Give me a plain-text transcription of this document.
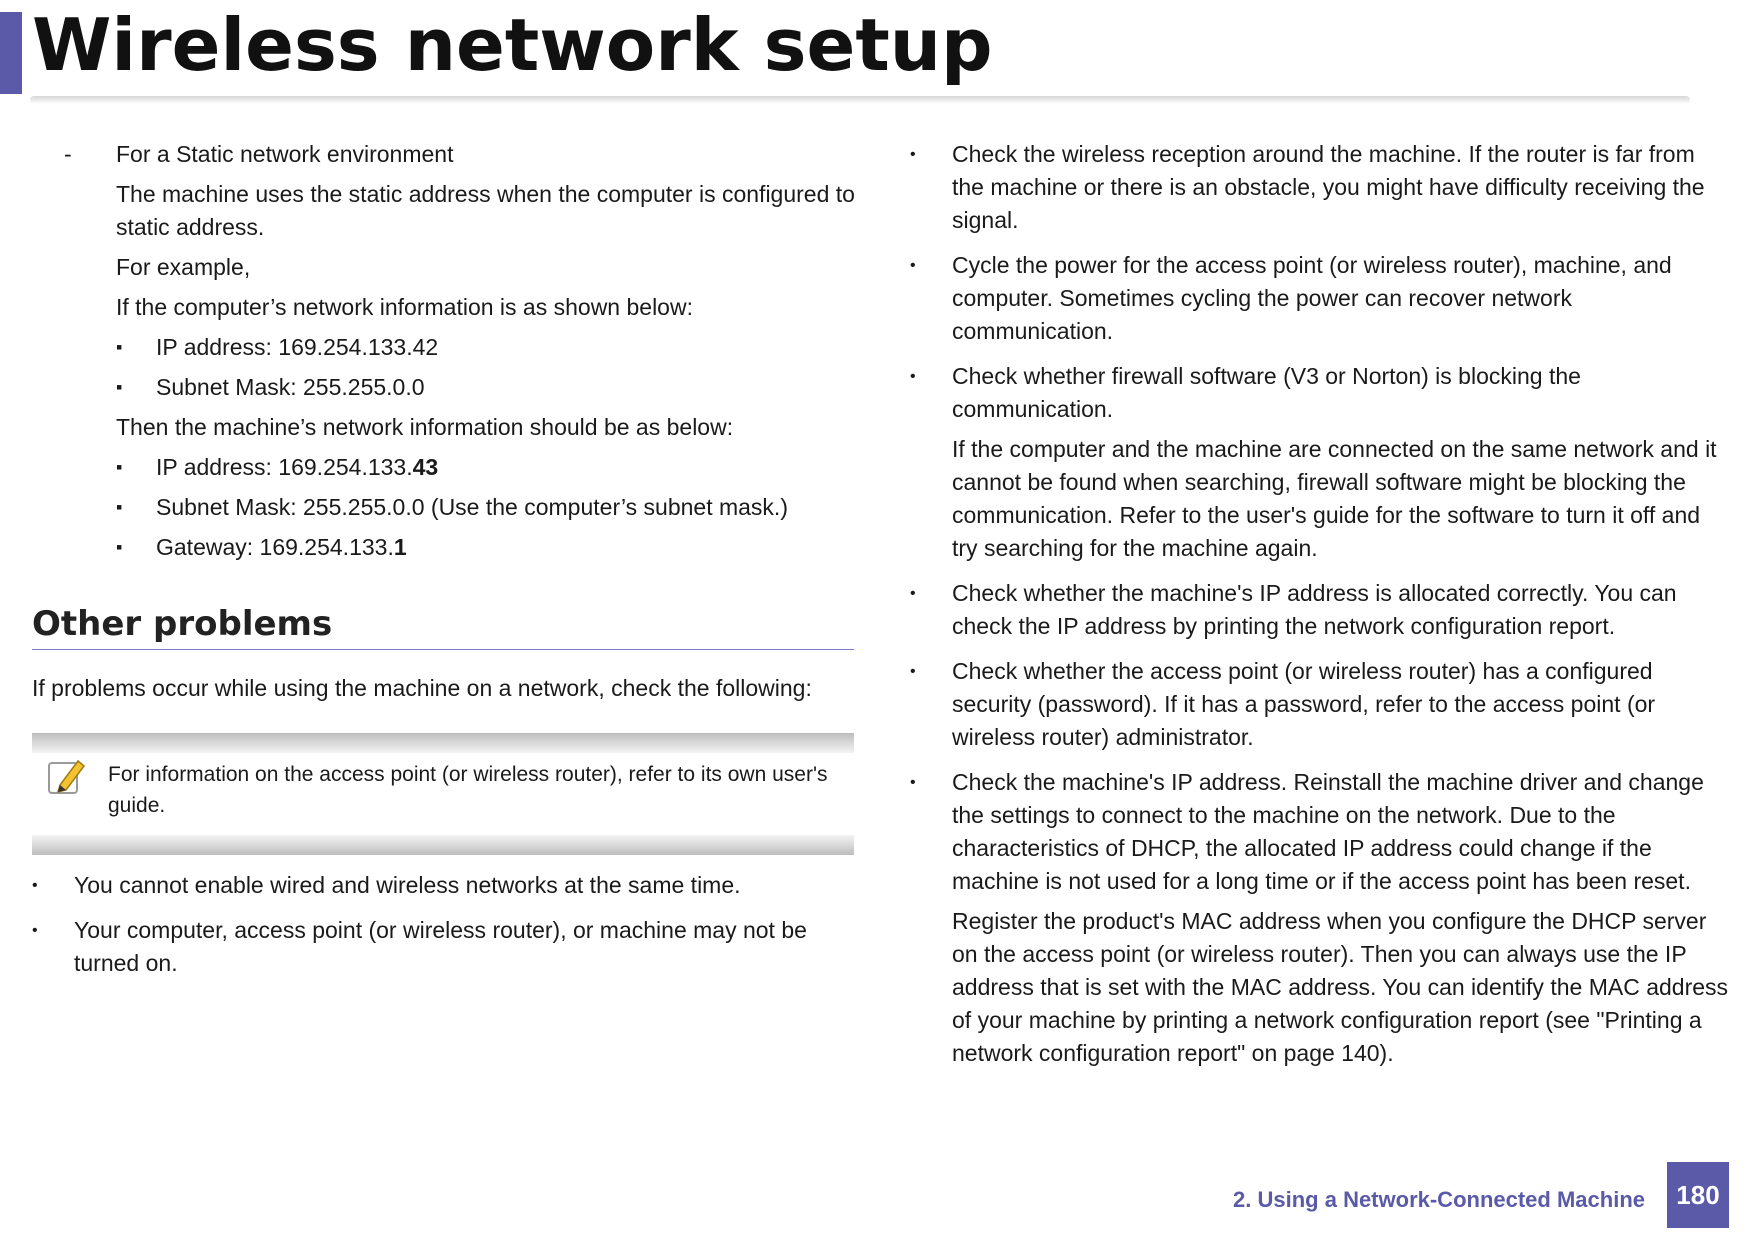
Wireless network setup
- For a Static network environment

The machine uses the static address when the computer is configured to static address.

For example,

If the computer’s network information is as shown below:

▪ IP address: 169.254.133.42

▪ Subnet Mask: 255.255.0.0

Then the machine’s network information should be as below:

▪ IP address: 169.254.133.43

▪ Subnet Mask: 255.255.0.0 (Use the computer’s subnet mask.)

▪ Gateway: 169.254.133.1

Other problems

If problems occur while using the machine on a network, check the following:

For information on the access point (or wireless router), refer to its own user's guide.

• You cannot enable wired and wireless networks at the same time.

• Your computer, access point (or wireless router), or machine may not be turned on.

• Check the wireless reception around the machine. If the router is far from the machine or there is an obstacle, you might have difficulty receiving the signal.

• Cycle the power for the access point (or wireless router), machine, and computer. Sometimes cycling the power can recover network communication.

• Check whether firewall software (V3 or Norton) is blocking the communication.

If the computer and the machine are connected on the same network and it cannot be found when searching, firewall software might be blocking the communication. Refer to the user's guide for the software to turn it off and try searching for the machine again.

• Check whether the machine's IP address is allocated correctly. You can check the IP address by printing the network configuration report.

• Check whether the access point (or wireless router) has a configured security (password). If it has a password, refer to the access point (or wireless router) administrator.

• Check the machine's IP address. Reinstall the machine driver and change the settings to connect to the machine on the network. Due to the characteristics of DHCP, the allocated IP address could change if the machine is not used for a long time or if the access point has been reset.

Register the product's MAC address when you configure the DHCP server on the access point (or wireless router). Then you can always use the IP address that is set with the MAC address. You can identify the MAC address of your machine by printing a network configuration report (see "Printing a network configuration report" on page 140).

2. Using a Network-Connected Machine	180
